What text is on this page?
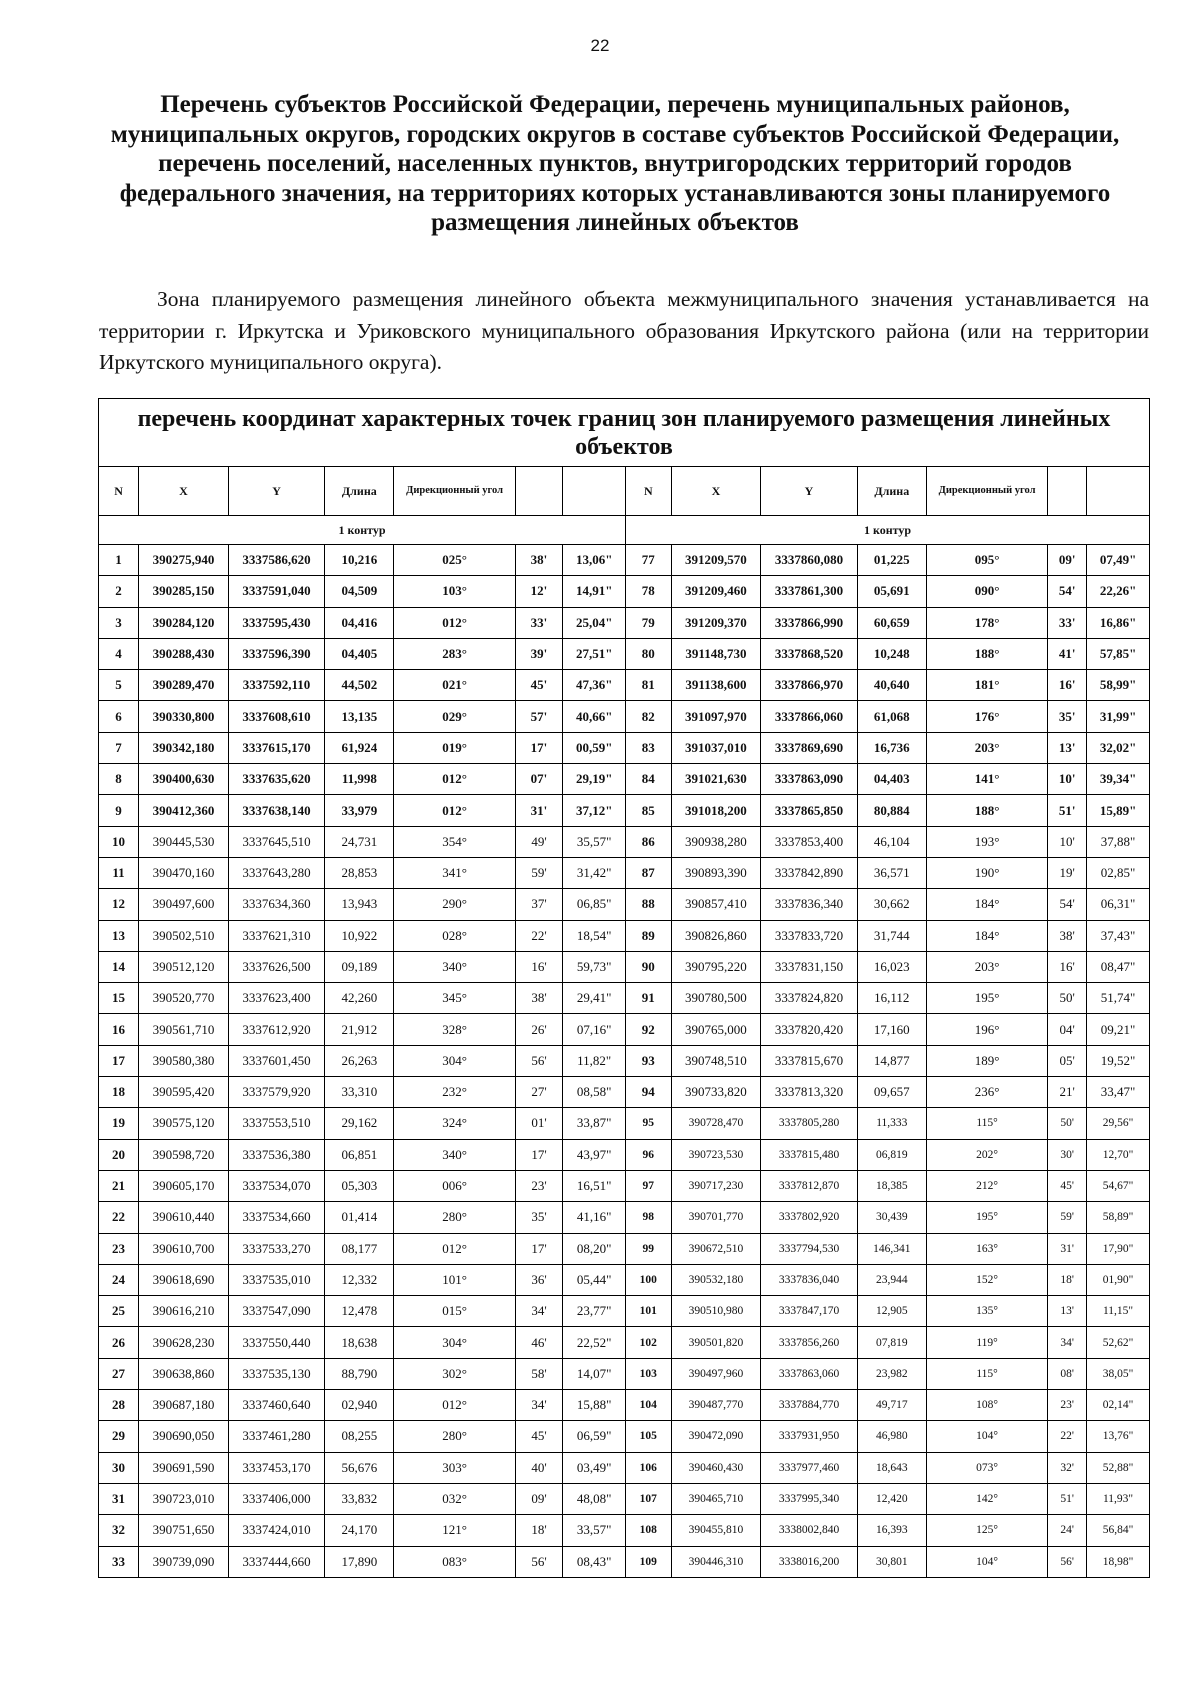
22
Перечень субъектов Российской Федерации, перечень муниципальных районов, муниципальных округов, городских округов в составе субъектов Российской Федерации, перечень поселений, населенных пунктов, внутригородских территорий городов федерального значения, на территориях которых устанавливаются зоны планируемого размещения линейных объектов

Зона планируемого размещения линейного объекта межмуниципального значения устанавливается на территории г. Иркутска и Уриковского муниципального образования Иркутского района (или на территории Иркутского муниципального округа).

перечень координат характерных точек границ зон планируемого размещения линейных объектов													
N	X	Y	Длина	Дирекционный угол			N	X	Y	Длина	Дирекционный угол		
1 контур							1 контур						
1	390275,940	3337586,620	10,216	025°	38'	13,06"	77	391209,570	3337860,080	01,225	095°	09'	07,49"
2	390285,150	3337591,040	04,509	103°	12'	14,91"	78	391209,460	3337861,300	05,691	090°	54'	22,26"
3	390284,120	3337595,430	04,416	012°	33'	25,04"	79	391209,370	3337866,990	60,659	178°	33'	16,86"
4	390288,430	3337596,390	04,405	283°	39'	27,51"	80	391148,730	3337868,520	10,248	188°	41'	57,85"
5	390289,470	3337592,110	44,502	021°	45'	47,36"	81	391138,600	3337866,970	40,640	181°	16'	58,99"
6	390330,800	3337608,610	13,135	029°	57'	40,66"	82	391097,970	3337866,060	61,068	176°	35'	31,99"
7	390342,180	3337615,170	61,924	019°	17'	00,59"	83	391037,010	3337869,690	16,736	203°	13'	32,02"
8	390400,630	3337635,620	11,998	012°	07'	29,19"	84	391021,630	3337863,090	04,403	141°	10'	39,34"
9	390412,360	3337638,140	33,979	012°	31'	37,12"	85	391018,200	3337865,850	80,884	188°	51'	15,89"
10	390445,530	3337645,510	24,731	354°	49'	35,57"	86	390938,280	3337853,400	46,104	193°	10'	37,88"
11	390470,160	3337643,280	28,853	341°	59'	31,42"	87	390893,390	3337842,890	36,571	190°	19'	02,85"
12	390497,600	3337634,360	13,943	290°	37'	06,85"	88	390857,410	3337836,340	30,662	184°	54'	06,31"
13	390502,510	3337621,310	10,922	028°	22'	18,54"	89	390826,860	3337833,720	31,744	184°	38'	37,43"
14	390512,120	3337626,500	09,189	340°	16'	59,73"	90	390795,220	3337831,150	16,023	203°	16'	08,47"
15	390520,770	3337623,400	42,260	345°	38'	29,41"	91	390780,500	3337824,820	16,112	195°	50'	51,74"
16	390561,710	3337612,920	21,912	328°	26'	07,16"	92	390765,000	3337820,420	17,160	196°	04'	09,21"
17	390580,380	3337601,450	26,263	304°	56'	11,82"	93	390748,510	3337815,670	14,877	189°	05'	19,52"
18	390595,420	3337579,920	33,310	232°	27'	08,58"	94	390733,820	3337813,320	09,657	236°	21'	33,47"
19	390575,120	3337553,510	29,162	324°	01'	33,87"	95	390728,470	3337805,280	11,333	115°	50'	29,56"
20	390598,720	3337536,380	06,851	340°	17'	43,97"	96	390723,530	3337815,480	06,819	202°	30'	12,70"
21	390605,170	3337534,070	05,303	006°	23'	16,51"	97	390717,230	3337812,870	18,385	212°	45'	54,67"
22	390610,440	3337534,660	01,414	280°	35'	41,16"	98	390701,770	3337802,920	30,439	195°	59'	58,89"
23	390610,700	3337533,270	08,177	012°	17'	08,20"	99	390672,510	3337794,530	146,341	163°	31'	17,90"
24	390618,690	3337535,010	12,332	101°	36'	05,44"	100	390532,180	3337836,040	23,944	152°	18'	01,90"
25	390616,210	3337547,090	12,478	015°	34'	23,77"	101	390510,980	3337847,170	12,905	135°	13'	11,15"
26	390628,230	3337550,440	18,638	304°	46'	22,52"	102	390501,820	3337856,260	07,819	119°	34'	52,62"
27	390638,860	3337535,130	88,790	302°	58'	14,07"	103	390497,960	3337863,060	23,982	115°	08'	38,05"
28	390687,180	3337460,640	02,940	012°	34'	15,88"	104	390487,770	3337884,770	49,717	108°	23'	02,14"
29	390690,050	3337461,280	08,255	280°	45'	06,59"	105	390472,090	3337931,950	46,980	104°	22'	13,76"
30	390691,590	3337453,170	56,676	303°	40'	03,49"	106	390460,430	3337977,460	18,643	073°	32'	52,88"
31	390723,010	3337406,000	33,832	032°	09'	48,08"	107	390465,710	3337995,340	12,420	142°	51'	11,93"
32	390751,650	3337424,010	24,170	121°	18'	33,57"	108	390455,810	3338002,840	16,393	125°	24'	56,84"
33	390739,090	3337444,660	17,890	083°	56'	08,43"	109	390446,310	3338016,200	30,801	104°	56'	18,98"
